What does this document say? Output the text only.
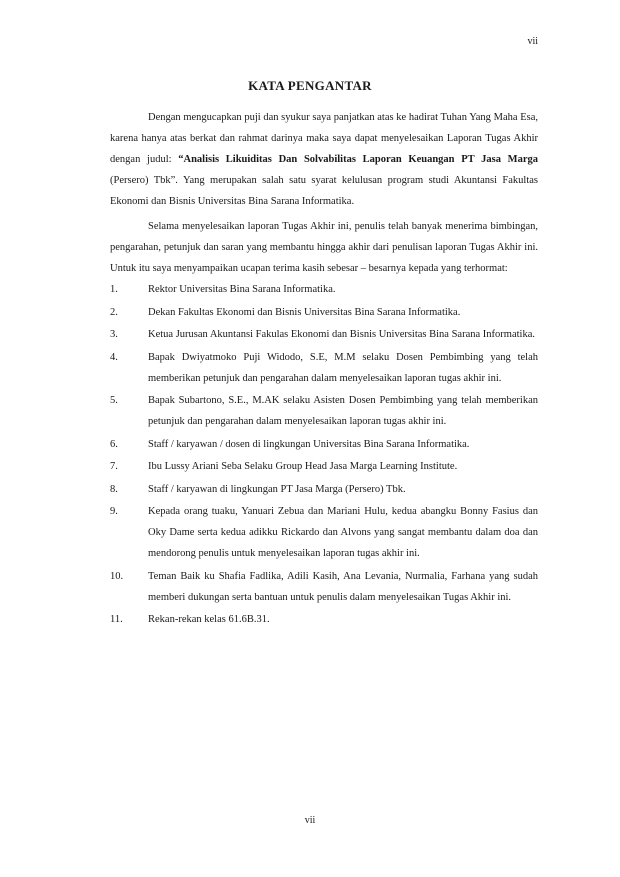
vii
KATA PENGANTAR

Dengan mengucapkan puji dan syukur saya panjatkan atas ke hadirat Tuhan Yang Maha Esa, karena hanya atas berkat dan rahmat darinya maka saya dapat menyelesaikan Laporan Tugas Akhir dengan judul: “Analisis Likuiditas Dan Solvabilitas Laporan Keuangan PT Jasa Marga (Persero) Tbk”. Yang merupakan salah satu syarat kelulusan program studi Akuntansi Fakultas Ekonomi dan Bisnis Universitas Bina Sarana Informatika.

Selama menyelesaikan laporan Tugas Akhir ini, penulis telah banyak menerima bimbingan, pengarahan, petunjuk dan saran yang membantu hingga akhir dari penulisan laporan Tugas Akhir ini. Untuk itu saya menyampaikan ucapan terima kasih sebesar – besarnya kepada yang terhormat:

1.	Rektor Universitas Bina Sarana Informatika.
2.	Dekan Fakultas Ekonomi dan Bisnis Universitas Bina Sarana Informatika.
3.	Ketua Jurusan Akuntansi Fakulas Ekonomi dan Bisnis Universitas Bina Sarana Informatika.
4.	Bapak Dwiyatmoko Puji Widodo, S.E, M.M selaku Dosen Pembimbing yang telah memberikan petunjuk dan pengarahan dalam menyelesaikan laporan tugas akhir ini.
5.	Bapak Subartono, S.E., M.AK selaku Asisten Dosen Pembimbing yang telah memberikan petunjuk dan pengarahan dalam menyelesaikan laporan tugas akhir ini.
6.	Staff / karyawan / dosen di lingkungan Universitas Bina Sarana Informatika.
7.	Ibu Lussy Ariani Seba Selaku Group Head Jasa Marga Learning Institute.
8.	Staff / karyawan di lingkungan PT Jasa Marga (Persero) Tbk.
9.	Kepada orang tuaku, Yanuari Zebua dan Mariani Hulu, kedua abangku Bonny Fasius dan Oky Dame serta kedua adikku Rickardo dan Alvons yang sangat membantu dalam doa dan mendorong penulis untuk menyelesaikan laporan tugas akhir ini.
10. Teman Baik ku Shafia Fadlika, Adili Kasih, Ana Levania, Nurmalia, Farhana yang sudah memberi dukungan serta bantuan untuk penulis dalam menyelesaikan Tugas Akhir ini.
11. Rekan-rekan kelas 61.6B.31.
vii
